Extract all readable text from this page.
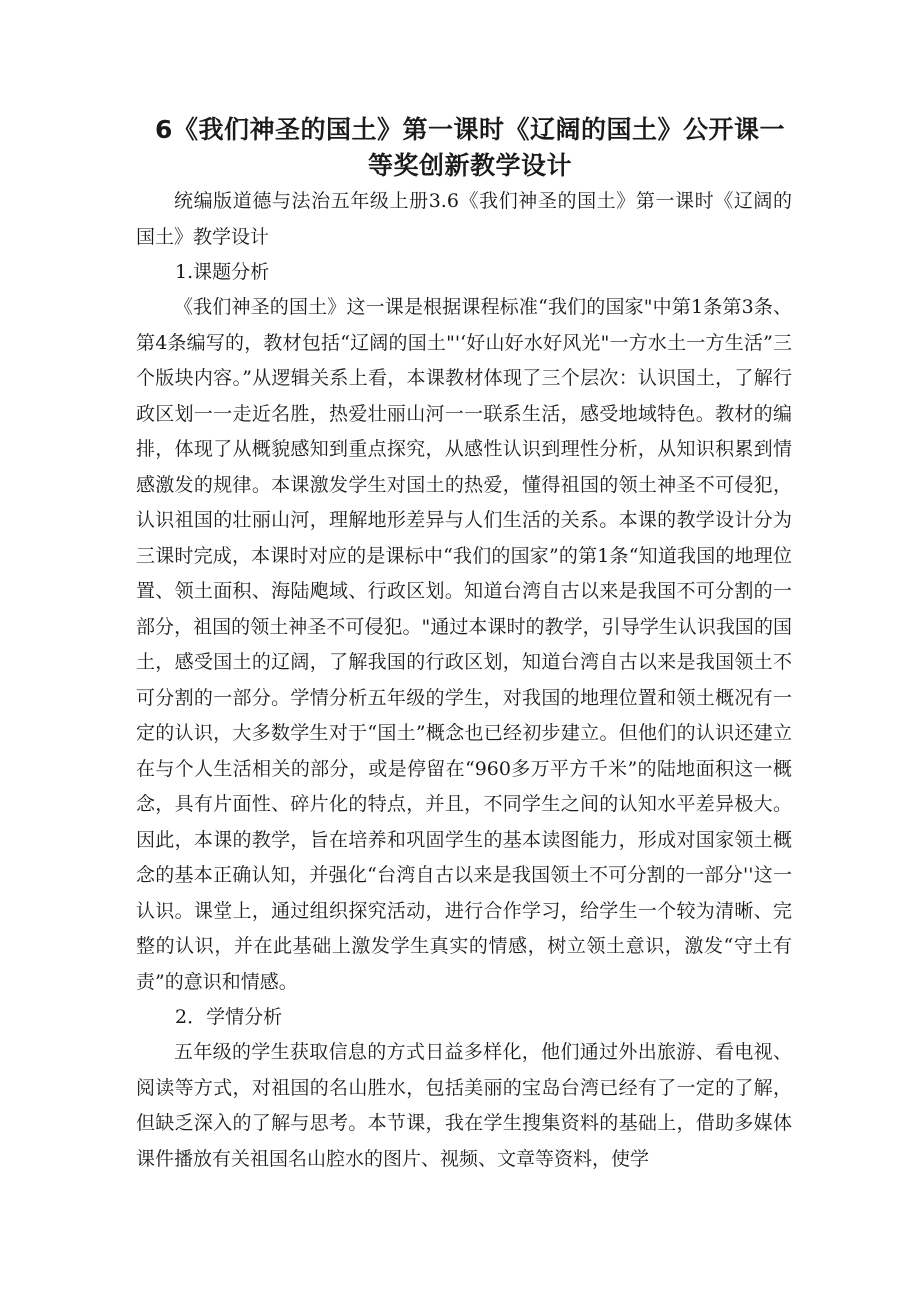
6《我们神圣的国土》第一课时《辽阔的国土》公开课一
等奖创新教学设计

统编版道德与法治五年级上册3.6《我们神圣的国土》第一课时《辽阔的国土》教学设计

1.课题分析

《我们神圣的国土》这一课是根据课程标准“我们的国家"中第1条第3条、第4条编写的，教材包括“辽阔的国土"'‘好山好水好风光"一方水土一方生活”三个版块内容。”从逻辑关系上看，本课教材体现了三个层次：认识国土，了解行政区划一一走近名胜，热爱壮丽山河一一联系生活，感受地域特色。教材的编排，体现了从概貌感知到重点探究，从感性认识到理性分析，从知识积累到情感激发的规律。本课激发学生对国土的热爱，懂得祖国的领土神圣不可侵犯，认识祖国的壮丽山河，理解地形差异与人们生活的关系。本课的教学设计分为三课时完成，本课时对应的是课标中“我们的国家”的第1条“知道我国的地理位置、领土面积、海陆飑域、行政区划。知道台湾自古以来是我国不可分割的一部分，祖国的领土神圣不可侵犯。"通过本课时的教学，引导学生认识我国的国土，感受国土的辽阔，了解我国的行政区划，知道台湾自古以来是我国领土不可分割的一部分。学情分析五年级的学生，对我国的地理位置和领土概况有一定的认识，大多数学生对于“国土”概念也已经初步建立。但他们的认识还建立在与个人生活相关的部分，或是停留在“960多万平方千米”的陆地面积这一概念，具有片面性、碎片化的特点，并且，不同学生之间的认知水平差异极大。因此，本课的教学，旨在培养和巩固学生的基本读图能力，形成对国家领土概念的基本正确认知，并强化“台湾自古以来是我国领土不可分割的一部分''这一认识。课堂上，通过组织探究活动，进行合作学习，给学生一个较为清晰、完整的认识，并在此基础上激发学生真实的情感，树立领土意识，激发“守土有责”的意识和情感。

2．学情分析

五年级的学生获取信息的方式日益多样化，他们通过外出旅游、看电视、阅读等方式，对祖国的名山胜水，包括美丽的宝岛台湾已经有了一定的了解，但缺乏深入的了解与思考。本节课，我在学生搜集资料的基础上，借助多媒体课件播放有关祖国名山腔水的图片、视频、文章等资料，使学
